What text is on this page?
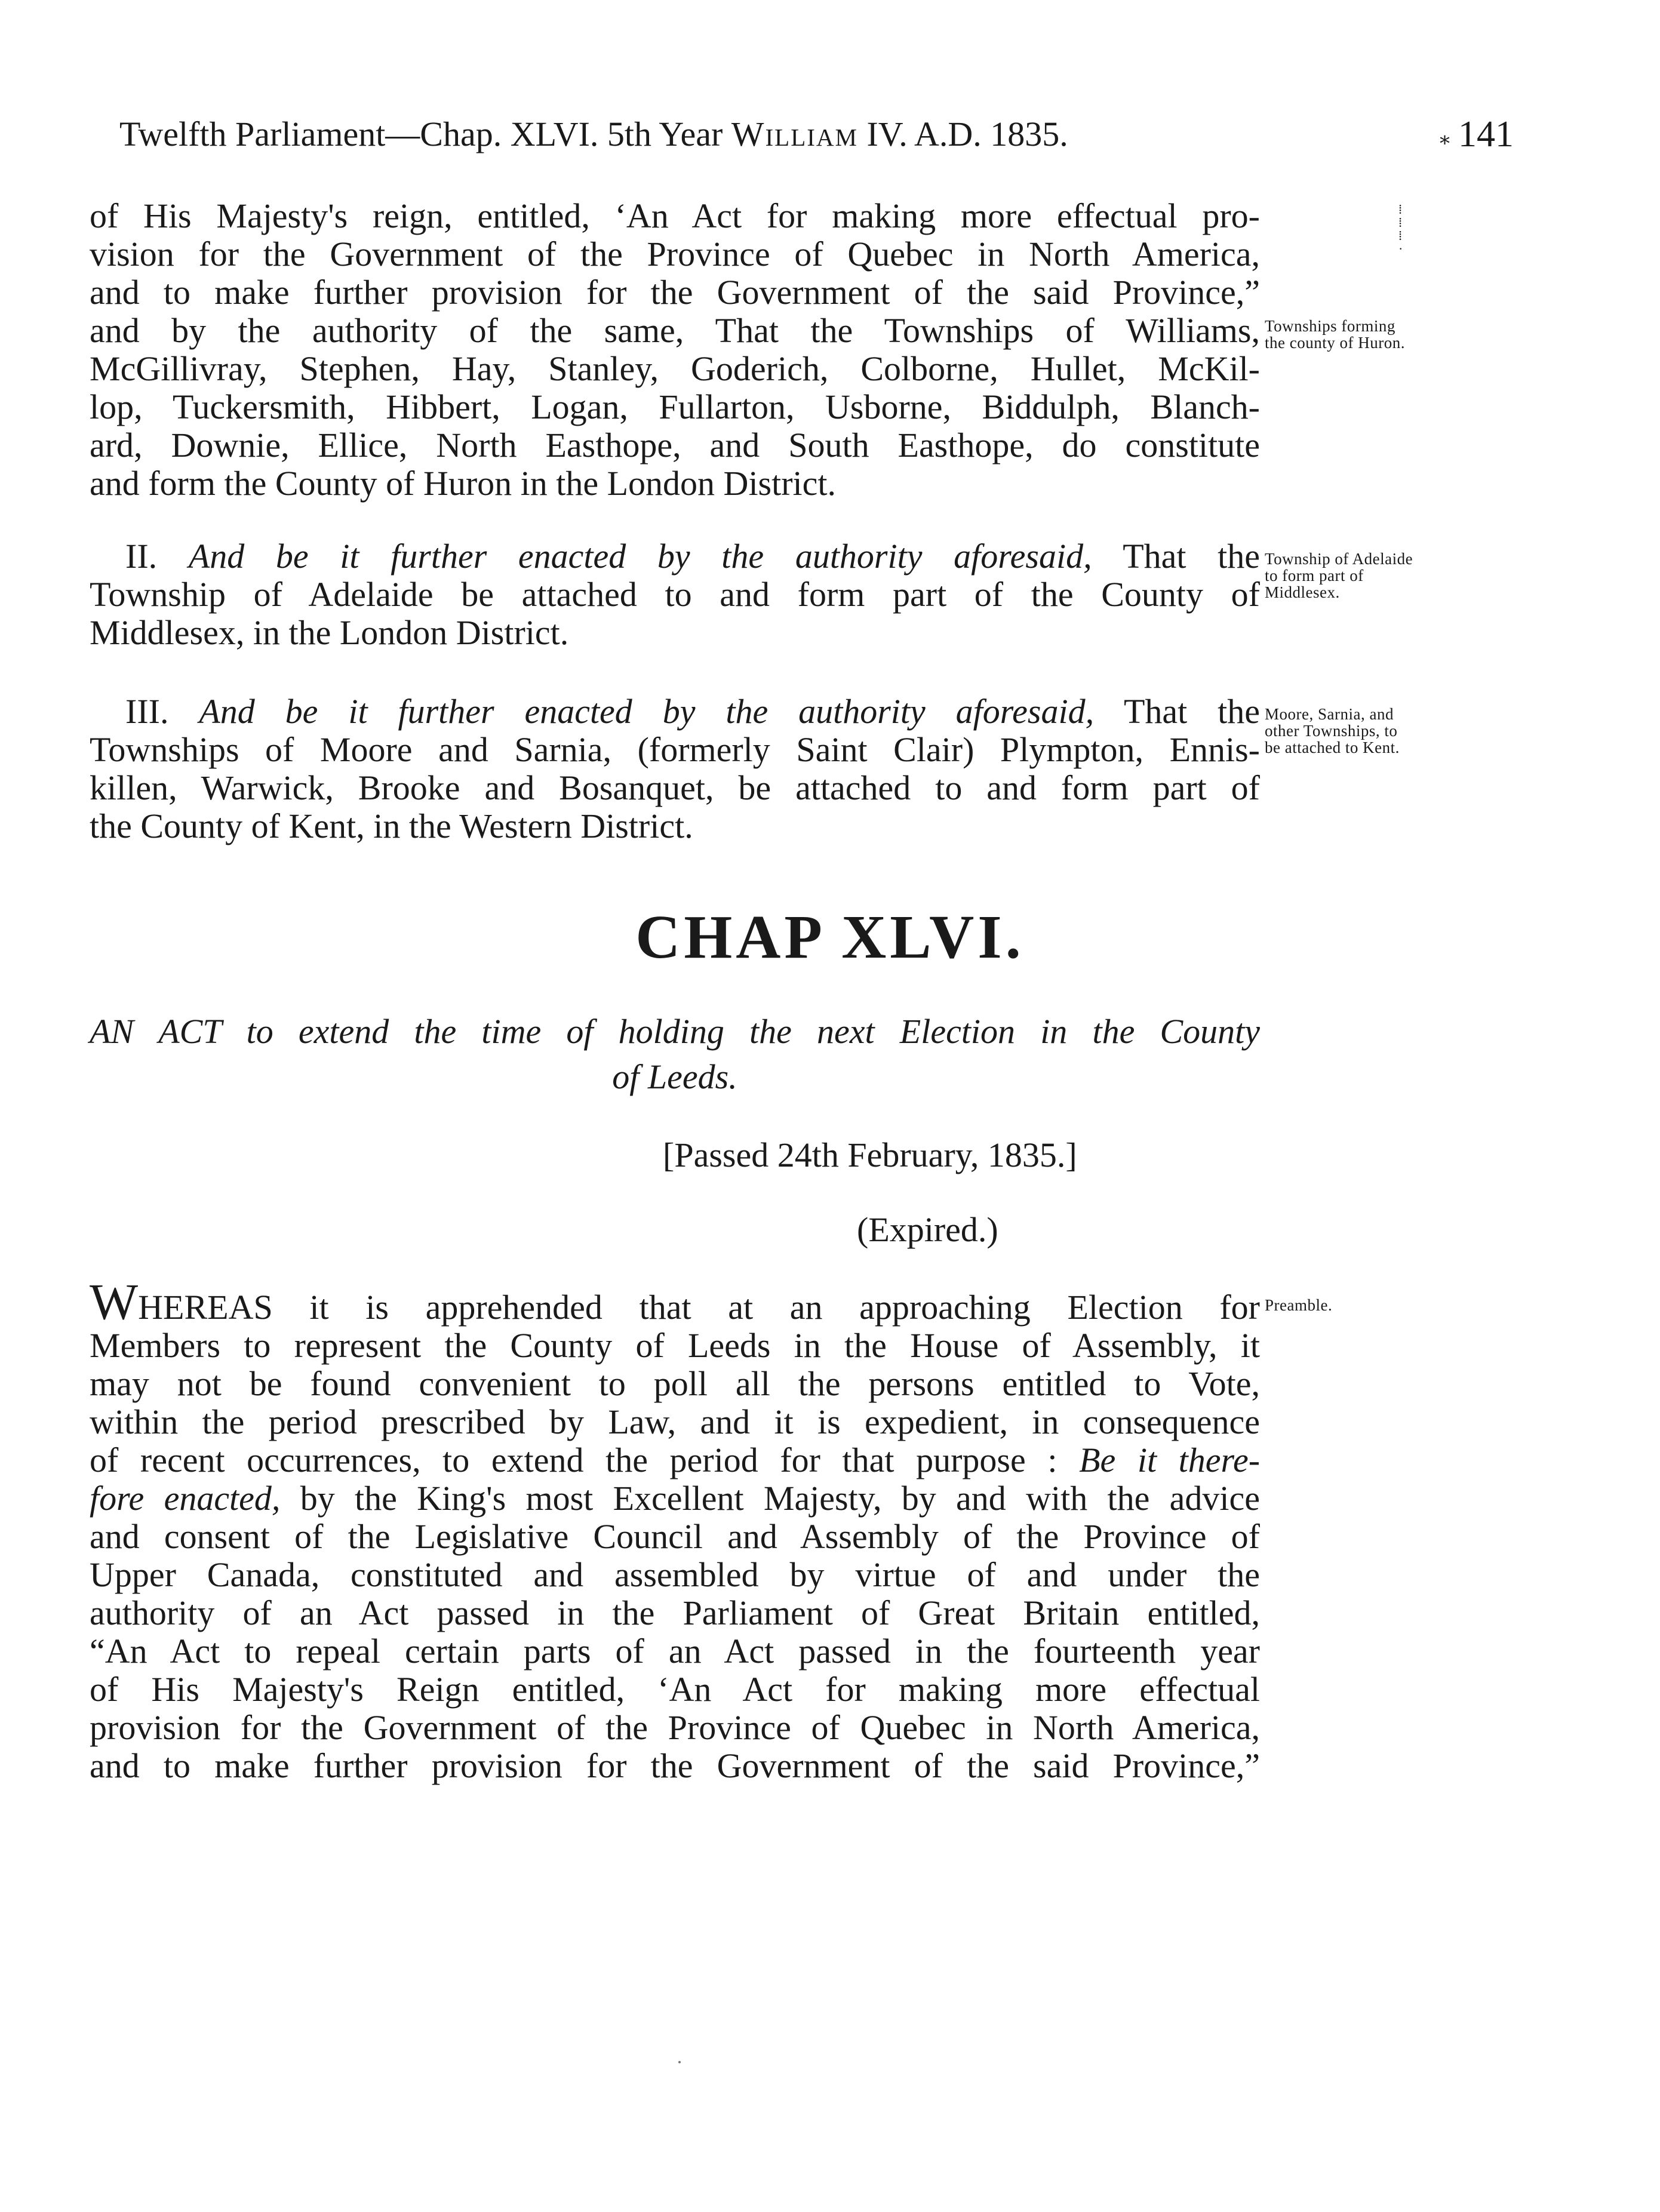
Twelfth Parliament—Chap. XLVI. 5th Year William IV. A.D. 1835.	⁎ 141
⁞
⁞
⁞
·
of His Majesty's reign, entitled, ‘An Act for making more effectual pro-
vision for the Government of the Province of Quebec in North America,
and to make further provision for the Government of the said Province,”
and by the authority of the same, That the Townships of Williams,
McGillivray, Stephen, Hay, Stanley, Goderich, Colborne, Hullet, McKil-
lop, Tuckersmith, Hibbert, Logan, Fullarton, Usborne, Biddulph, Blanch-
ard, Downie, Ellice, North Easthope, and South Easthope, do constitute
and form the County of Huron in the London District.
Townships forming
the county of Huron.
II. And be it further enacted by the authority aforesaid, That the
Township of Adelaide be attached to and form part of the County of
Middlesex, in the London District.
Township of Adelaide
to form part of
Middlesex.
III. And be it further enacted by the authority aforesaid, That the
Townships of Moore and Sarnia, (formerly Saint Clair) Plympton, Ennis-
killen, Warwick, Brooke and Bosanquet, be attached to and form part of
the County of Kent, in the Western District.
Moore, Sarnia, and
other Townships, to
be attached to Kent.
CHAP XLVI.
AN ACT to extend the time of holding the next Election in the County
of Leeds.
[Passed 24th February, 1835.]
(Expired.)
WHEREAS it is apprehended that at an approaching Election for
Members to represent the County of Leeds in the House of Assembly, it
may not be found convenient to poll all the persons entitled to Vote,
within the period prescribed by Law, and it is expedient, in consequence
of recent occurrences, to extend the period for that purpose : Be it there-
fore enacted, by the King's most Excellent Majesty, by and with the advice
and consent of the Legislative Council and Assembly of the Province of
Upper Canada, constituted and assembled by virtue of and under the
authority of an Act passed in the Parliament of Great Britain entitled,
“An Act to repeal certain parts of an Act passed in the fourteenth year
of His Majesty's Reign entitled, ‘An Act for making more effectual
provision for the Government of the Province of Quebec in North America,
and to make further provision for the Government of the said Province,”
Preamble.
